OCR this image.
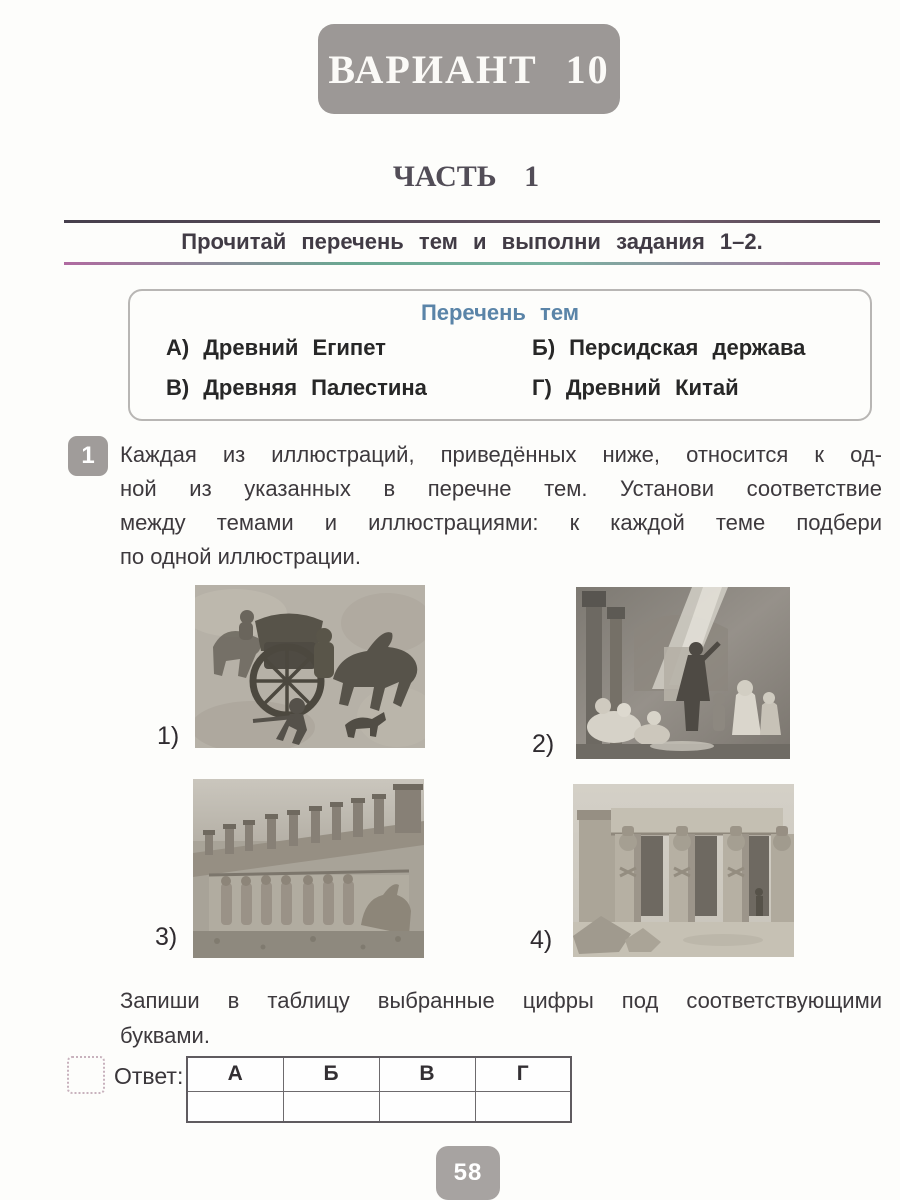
ВАРИАНТ 10
ЧАСТЬ 1
Прочитай перечень тем и выполни задания 1–2.
Перечень тем
А) Древний Египет	Б) Персидская держава
В) Древняя Палестина	Г) Древний Китай
1	Каждая из иллюстраций, приведённых ниже, относится к од-
ной из указанных в перечне тем. Установи соответствие
между темами и иллюстрациями: к каждой теме подбери
по одной иллюстрации.
1)	2)
3)	4)
Запиши в таблицу выбранные цифры под соответствующими
буквами.
Ответ: А	Б	В	Г

58
